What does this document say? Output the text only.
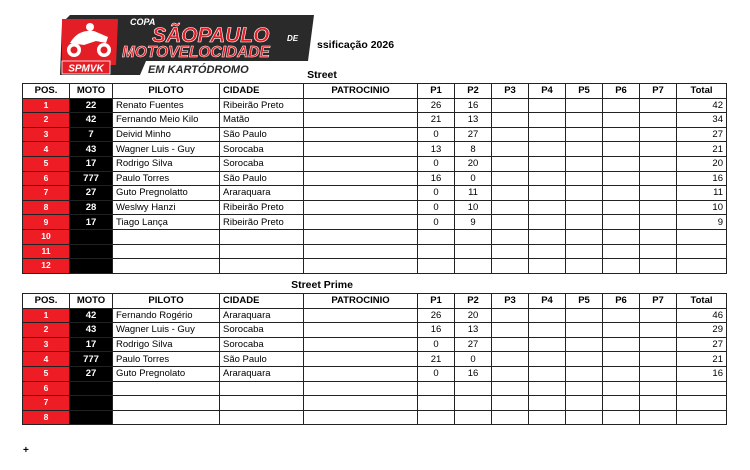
SPMVK
COPA
SÃOPAULO DE
MOTOVELOCIDADE
EM KARTÓDROMO
ssificação 2026
Street
POS.	MOTO	PILOTO	CIDADE	PATROCINIO	P1	P2	P3	P4	P5	P6	P7	Total
1	22	Renato Fuentes	Ribeirão Preto		26	16						42
2	42	Fernando Meio Kilo	Matão		21	13						34
3	7	Deivid Minho	São Paulo		0	27						27
4	43	Wagner Luis - Guy	Sorocaba		13	8						21
5	17	Rodrigo Silva	Sorocaba		0	20						20
6	777	Paulo Torres	São Paulo		16	0						16
7	27	Guto Pregnolatto	Araraquara		0	11						11
8	28	Weslwy Hanzi	Ribeirão Preto		0	10						10
9	17	Tiago Lança	Ribeirão Preto		0	9						9
10												
11												
12												
Street Prime
POS.	MOTO	PILOTO	CIDADE	PATROCINIO	P1	P2	P3	P4	P5	P6	P7	Total
1	42	Fernando Rogério	Araraquara		26	20						46
2	43	Wagner Luis - Guy	Sorocaba		16	13						29
3	17	Rodrigo Silva	Sorocaba		0	27						27
4	777	Paulo Torres	São Paulo		21	0						21
5	27	Guto Pregnolato	Araraquara		0	16						16
6												
7												
8												
+
